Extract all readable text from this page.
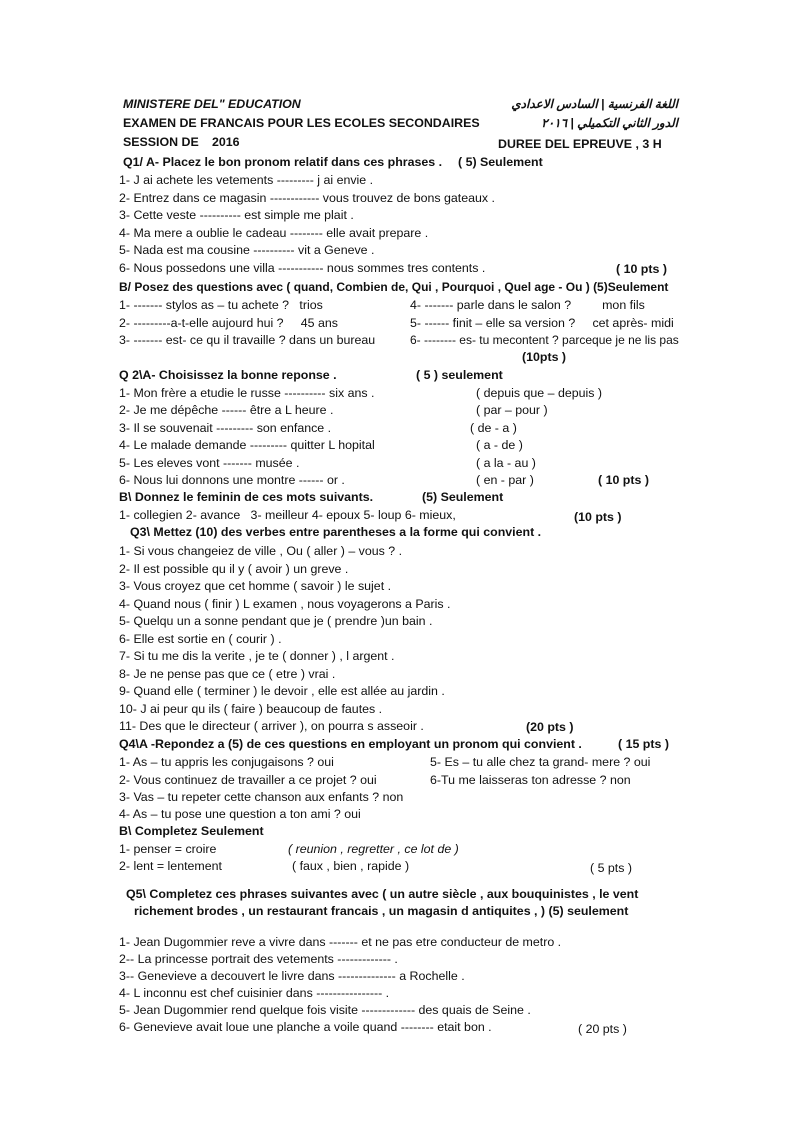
MINISTERE DEL" EDUCATION	اللغة الفرنسية | السادس الاعدادي
EXAMEN DE FRANCAIS POUR LES ECOLES SECONDAIRES	الدور الثاني التكميلي | ٢٠١٦
SESSION DE 2016	DUREE DEL EPREUVE , 3 H
Q1/ A- Placez le bon pronom relatif dans ces phrases . ( 5) Seulement
1- J ai achete les vetements --------- j ai envie .
2- Entrez dans ce magasin ------------ vous trouvez de bons gateaux .
3- Cette veste ---------- est simple me plait .
4- Ma mere a oublie le cadeau -------- elle avait prepare .
5- Nada est ma cousine ---------- vit a Geneve .
6- Nous possedons une villa ----------- nous sommes tres contents .	( 10 pts )
B/ Posez des questions avec ( quand, Combien de, Qui , Pourquoi , Quel age - Ou ) (5)Seulement
1- ------- stylos as – tu achete ?   trios	4- ------- parle dans le salon ?         mon fils
2- ---------a-t-elle aujourd hui ?     45 ans	5- ------ finit – elle sa version ?     cet après- midi
3- ------- est- ce qu il travaille ? dans un bureau	6- -------- es- tu mecontent ? parceque je ne lis pas
(10pts )
Q 2\A- Choisissez la bonne reponse .	( 5 ) seulement
1- Mon frère a etudie le russe ---------- six ans .	( depuis que – depuis )
2- Je me dépêche ------ être a L heure .	( par – pour )
3- Il se souvenait --------- son enfance .	( de - a )
4- Le malade demande --------- quitter L hopital	( a - de )
5- Les eleves vont ------- musée .	( a la - au )
6- Nous lui donnons une montre ------ or .	( en - par )	( 10 pts )
B\ Donnez le feminin de ces mots suivants.	(5) Seulement
1- collegien 2- avance   3- meilleur 4- epoux 5- loup 6- mieux,	(10 pts )
Q3\ Mettez (10) des verbes entre parentheses a la forme qui convient .
1- Si vous changeiez de ville , Ou ( aller ) – vous ? .
2- Il est possible qu il y ( avoir ) un greve .
3- Vous croyez que cet homme ( savoir ) le sujet .
4- Quand nous ( finir ) L examen , nous voyagerons a Paris .
5- Quelqu un a sonne pendant que je ( prendre )un bain .
6- Elle est sortie en ( courir ) .
7- Si tu me dis la verite , je te ( donner ) , l argent .
8- Je ne pense pas que ce ( etre ) vrai .
9- Quand elle ( terminer ) le devoir , elle est allée au jardin .
10- J ai peur qu ils ( faire ) beaucoup de fautes .
11- Des que le directeur ( arriver ), on pourra s asseoir .	(20 pts )
Q4\A -Repondez a (5) de ces questions en employant un pronom qui convient .	( 15 pts )
1- As – tu appris les conjugaisons ? oui	5- Es – tu alle chez ta grand- mere ? oui
2- Vous continuez de travailler a ce projet ? oui	6-Tu me laisseras ton adresse ? non
3- Vas – tu repeter cette chanson aux enfants ? non
4- As – tu pose une question a ton ami ? oui
B\ Completez Seulement
1- penser = croire	( reunion , regretter , ce lot de )
2- lent = lentement	( faux , bien , rapide )	( 5 pts )
Q5\ Completez ces phrases suivantes avec ( un autre siècle , aux bouquinistes , le vent
richement brodes , un restaurant francais , un magasin d antiquites , ) (5) seulement
1- Jean Dugommier reve a vivre dans ------- et ne pas etre conducteur de metro .
2-- La princesse portrait des vetements ------------- .
3-- Genevieve a decouvert le livre dans -------------- a Rochelle .
4- L inconnu est chef cuisinier dans ---------------- .
5- Jean Dugommier rend quelque fois visite ------------- des quais de Seine .
6- Genevieve avait loue une planche a voile quand -------- etait bon .	( 20 pts )
